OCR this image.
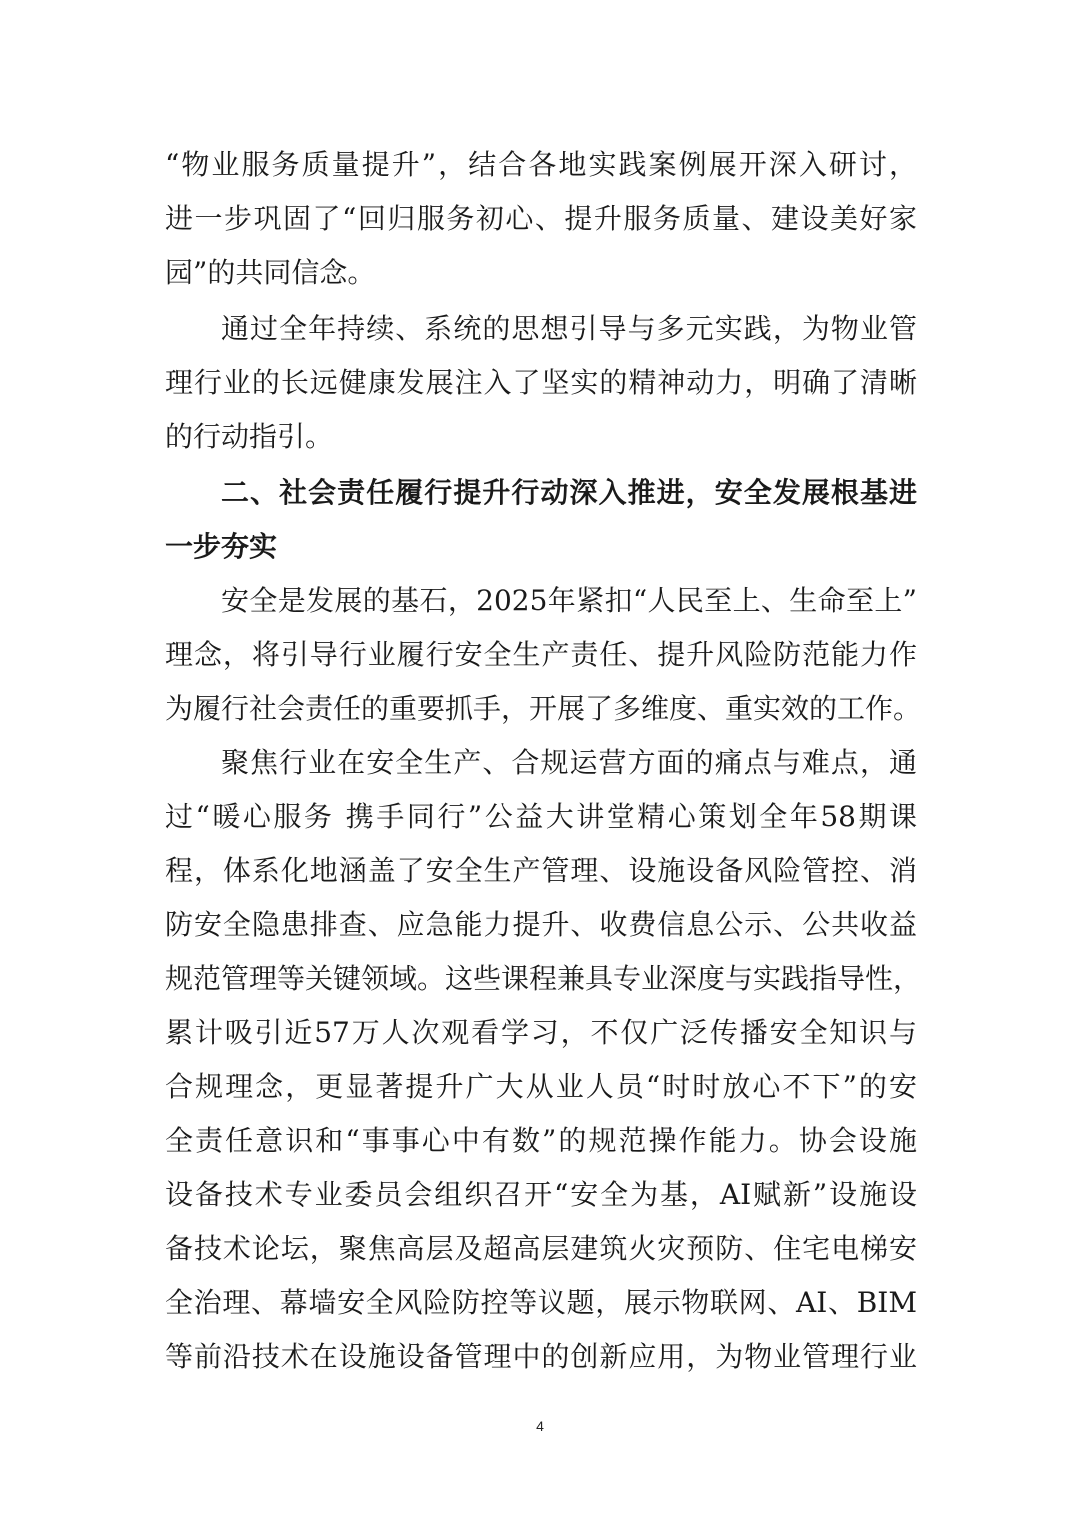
“物业服务质量提升”，结合各地实践案例展开深入研讨，
进一步巩固了“回归服务初心、提升服务质量、建设美好家
园”的共同信念。
通过全年持续、系统的思想引导与多元实践，为物业管
理行业的长远健康发展注入了坚实的精神动力，明确了清晰
的行动指引。
二、社会责任履行提升行动深入推进，安全发展根基进
一步夯实
安全是发展的基石，2025年紧扣“人民至上、生命至上”
理念，将引导行业履行安全生产责任、提升风险防范能力作
为履行社会责任的重要抓手，开展了多维度、重实效的工作。
聚焦行业在安全生产、合规运营方面的痛点与难点，通
过“暖心服务 携手同行”公益大讲堂精心策划全年58期课
程，体系化地涵盖了安全生产管理、设施设备风险管控、消
防安全隐患排查、应急能力提升、收费信息公示、公共收益
规范管理等关键领域。这些课程兼具专业深度与实践指导性，
累计吸引近57万人次观看学习，不仅广泛传播安全知识与
合规理念，更显著提升广大从业人员“时时放心不下”的安
全责任意识和“事事心中有数”的规范操作能力。协会设施
设备技术专业委员会组织召开“安全为基，AI赋新”设施设
备技术论坛，聚焦高层及超高层建筑火灾预防、住宅电梯安
全治理、幕墙安全风险防控等议题，展示物联网、AI、BIM
等前沿技术在设施设备管理中的创新应用，为物业管理行业
4
